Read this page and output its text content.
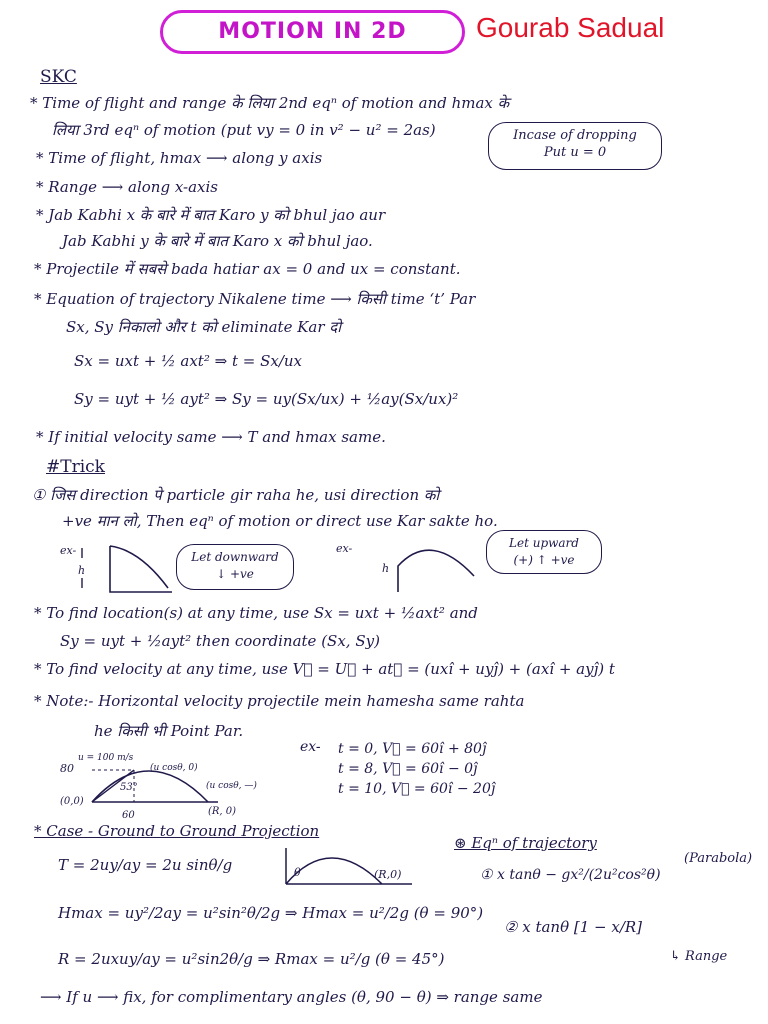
MOTION IN 2D	Gourab Sadual
SKC
* Time of flight and range के लिया 2nd eqⁿ of motion and hmax के
लिया 3rd eqⁿ of motion (put vy = 0 in v² − u² = 2as)
* Time of flight, hmax ⟶ along y axis
* Range ⟶ along x-axis
* Jab Kabhi x के बारे में बात Karo y को bhul jao aur
Jab Kabhi y के बारे में बात Karo x को bhul jao.
* Projectile में सबसे bada hatiar ax = 0 and ux = constant.
* Equation of trajectory Nikalene time ⟶ किसी time ‘t’ Par
Sx, Sy निकालो और t को eliminate Kar दो
Sx = uxt + ½ axt² ⇒ t = Sx/ux
Sy = uyt + ½ ayt² ⇒ Sy = uy(Sx/ux) + ½ay(Sx/ux)²
* If initial velocity same ⟶ T and hmax same.
Incase of dropping
Put u = 0
#Trick
① जिस direction पे particle gir raha he, usi direction को
+ve मान लो, Then eqⁿ of motion or direct use Kar sakte ho.
ex-
h
Let downward
↓ +ve
ex-
h
Let upward
(+) ↑ +ve
* To find location(s) at any time, use Sx = uxt + ½axt² and
Sy = uyt + ½ayt² then coordinate (Sx, Sy)
* To find velocity at any time, use V⃗ = U⃗ + at⃗ = (uxî + uyĵ) + (axî + ayĵ) t
* Note:- Horizontal velocity projectile mein hamesha same rahta
he किसी भी Point Par.
80
u = 100 m/s
53°
(0,0)
60
(u cosθ, 0)
(u cosθ, —)
(R, 0)
ex- t = 0, V⃗ = 60î + 80ĵ
t = 8, V⃗ = 60î − 0ĵ
t = 10, V⃗ = 60î − 20ĵ
* Case - Ground to Ground Projection
T = 2uy/ay = 2u sinθ/g
Hmax = uy²/2ay = u²sin²θ/2g ⇒ Hmax = u²/2g (θ = 90°)
R = 2uxuy/ay = u²sin2θ/g ⇒ Rmax = u²/g (θ = 45°)
⟶ If u ⟶ fix, for complimentary angles (θ, 90 − θ) ⇒ range same
θ	(R,0)
⊛ Eqⁿ of trajectory
① x tanθ − gx²/(2u²cos²θ)
(Parabola)
② x tanθ [1 − x/R]
↳ Range
